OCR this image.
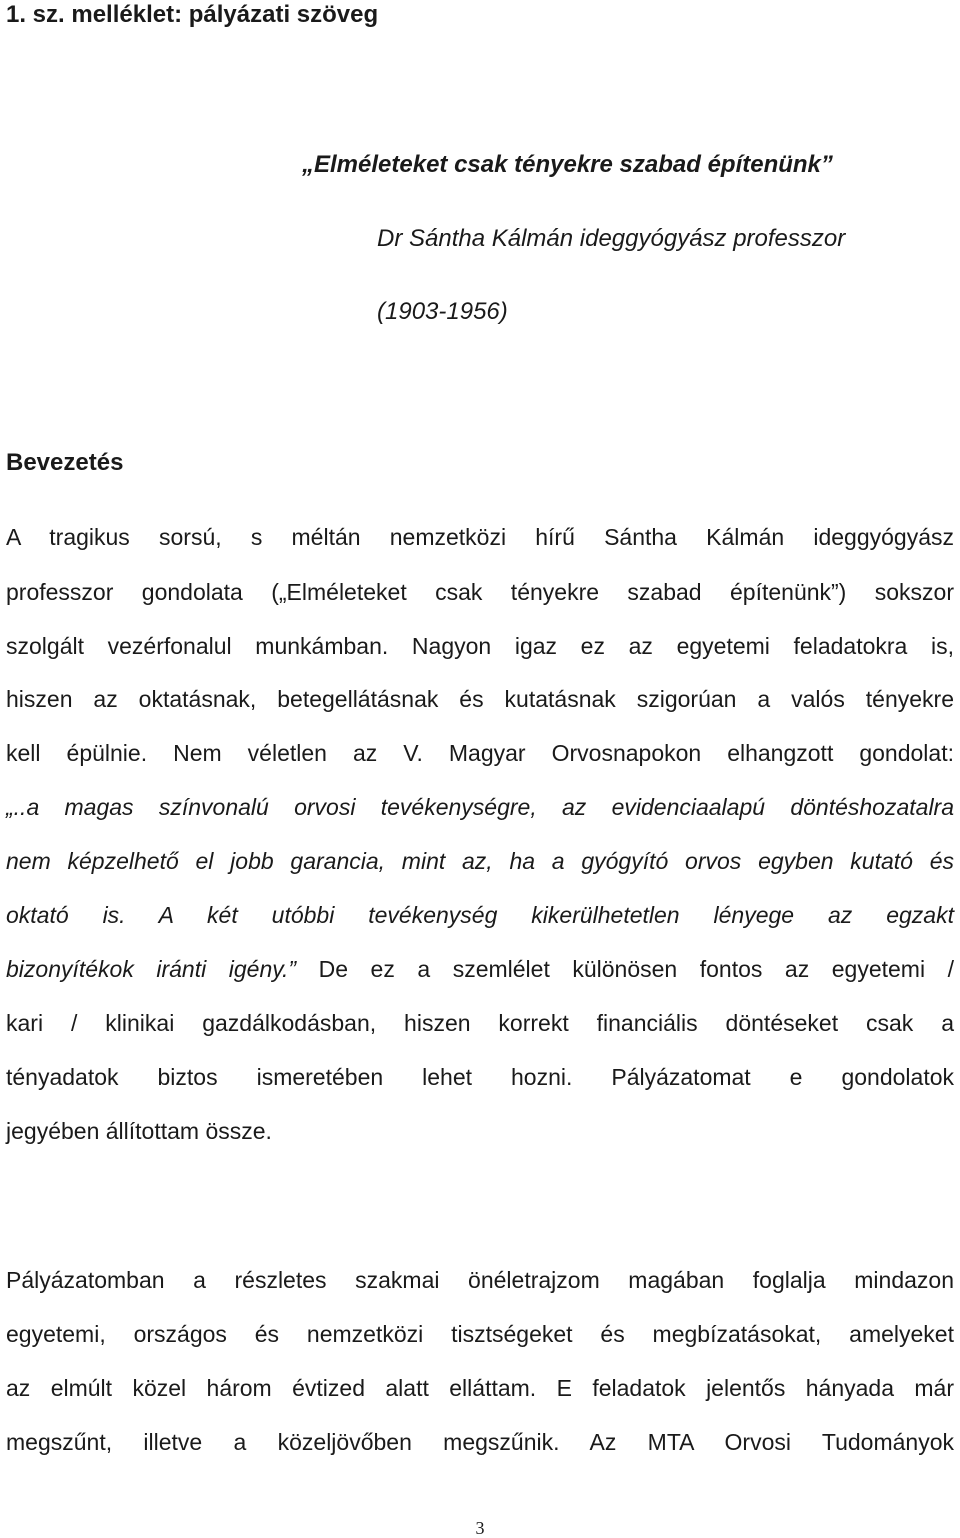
1. sz. melléklet: pályázati szöveg
„Elméleteket csak tényekre szabad építenünk”
Dr Sántha Kálmán ideggyógyász professzor
(1903-1956)
Bevezetés
A tragikus sorsú, s méltán nemzetközi hírű Sántha Kálmán ideggyógyász
professzor gondolata („Elméleteket csak tényekre szabad építenünk”) sokszor
szolgált vezérfonalul munkámban. Nagyon igaz ez az egyetemi feladatokra is,
hiszen az oktatásnak, betegellátásnak és kutatásnak szigorúan a valós tényekre
kell épülnie. Nem véletlen az V. Magyar Orvosnapokon elhangzott gondolat:
„..a magas színvonalú orvosi tevékenységre, az evidenciaalapú döntéshozatalra
nem képzelhető el jobb garancia, mint az, ha a gyógyító orvos egyben kutató és
oktató is. A két utóbbi tevékenység kikerülhetetlen lényege az egzakt
bizonyítékok iránti igény.” De ez a szemlélet különösen fontos az egyetemi /
kari / klinikai gazdálkodásban, hiszen korrekt financiális döntéseket csak a
tényadatok biztos ismeretében lehet hozni. Pályázatomat e gondolatok
jegyében állítottam össze.
Pályázatomban a részletes szakmai önéletrajzom magában foglalja mindazon
egyetemi, országos és nemzetközi tisztségeket és megbízatásokat, amelyeket
az elmúlt közel három évtized alatt elláttam. E feladatok jelentős hányada már
megszűnt, illetve a közeljövőben megszűnik. Az MTA Orvosi Tudományok
3
